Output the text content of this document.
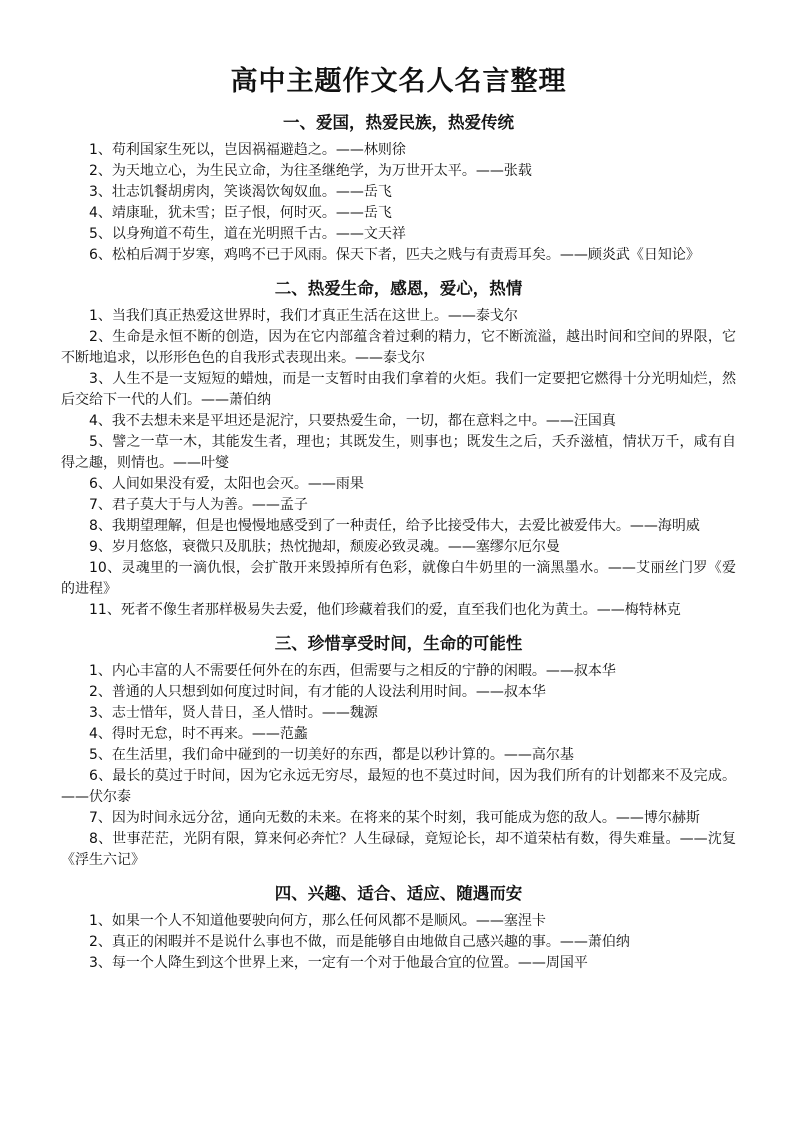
高中主题作文名人名言整理
一、爱国，热爱民族，热爱传统

1、苟利国家生死以，岂因祸福避趋之。——林则徐

2、为天地立心，为生民立命，为往圣继绝学，为万世开太平。——张载

3、壮志饥餐胡虏肉，笑谈渴饮匈奴血。——岳飞

4、靖康耻，犹未雪；臣子恨，何时灭。——岳飞

5、以身殉道不苟生，道在光明照千古。——文天祥

6、松柏后凋于岁寒，鸡鸣不已于风雨。保天下者，匹夫之贱与有责焉耳矣。——顾炎武《日知论》

二、热爱生命，感恩，爱心，热情

1、当我们真正热爱这世界时，我们才真正生活在这世上。——泰戈尔

2、生命是永恒不断的创造，因为在它内部蕴含着过剩的精力，它不断流溢，越出时间和空间的界限，它不断地追求，以形形色色的自我形式表现出来。——泰戈尔

3、人生不是一支短短的蜡烛，而是一支暂时由我们拿着的火炬。我们一定要把它燃得十分光明灿烂，然后交给下一代的人们。——萧伯纳

4、我不去想未来是平坦还是泥泞，只要热爱生命，一切，都在意料之中。——汪国真

5、譬之一草一木，其能发生者，理也；其既发生，则事也；既发生之后，夭乔滋植，情状万千，咸有自得之趣，则情也。——叶燮

6、人间如果没有爱，太阳也会灭。——雨果

7、君子莫大于与人为善。——孟子

8、我期望理解，但是也慢慢地感受到了一种责任，给予比接受伟大，去爱比被爱伟大。——海明威

9、岁月悠悠，衰微只及肌肤；热忱抛却，颓废必致灵魂。——塞缪尔厄尔曼

10、灵魂里的一滴仇恨，会扩散开来毁掉所有色彩，就像白牛奶里的一滴黑墨水。——艾丽丝门罗《爱的进程》

11、死者不像生者那样极易失去爱，他们珍藏着我们的爱，直至我们也化为黄土。——梅特林克

三、珍惜享受时间，生命的可能性

1、内心丰富的人不需要任何外在的东西，但需要与之相反的宁静的闲暇。——叔本华

2、普通的人只想到如何度过时间，有才能的人设法利用时间。——叔本华

3、志士惜年，贤人昔日，圣人惜时。——魏源

4、得时无怠，时不再来。——范蠡

5、在生活里，我们命中碰到的一切美好的东西，都是以秒计算的。——高尔基

6、最长的莫过于时间，因为它永远无穷尽，最短的也不莫过时间，因为我们所有的计划都来不及完成。——伏尔泰

7、因为时间永远分岔，通向无数的未来。在将来的某个时刻，我可能成为您的敌人。——博尔赫斯

8、世事茫茫，光阴有限，算来何必奔忙？人生碌碌，竟短论长，却不道荣枯有数，得失难量。——沈复《浮生六记》

四、兴趣、适合、适应、随遇而安

1、如果一个人不知道他要驶向何方，那么任何风都不是顺风。——塞涅卡

2、真正的闲暇并不是说什么事也不做，而是能够自由地做自己感兴趣的事。——萧伯纳

3、每一个人降生到这个世界上来，一定有一个对于他最合宜的位置。——周国平
